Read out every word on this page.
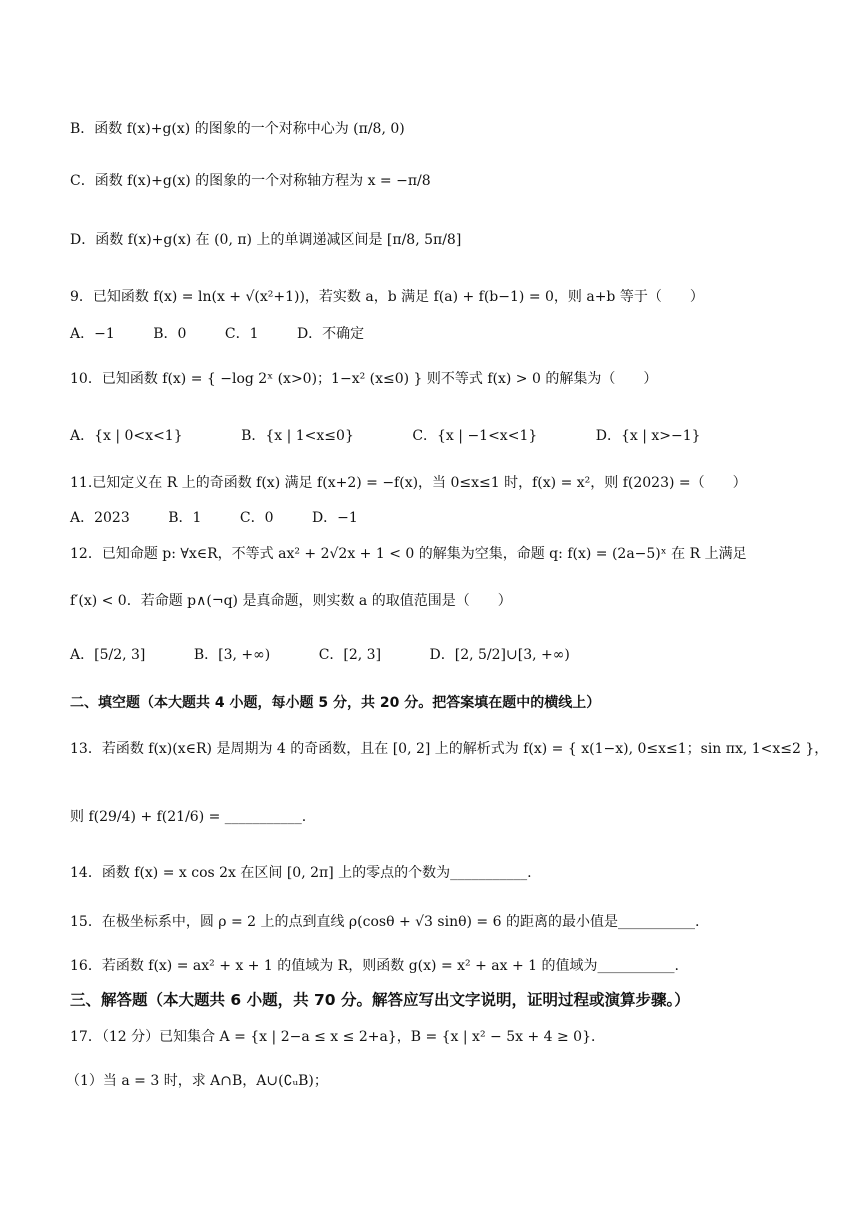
B．函数 f(x)+g(x) 的图象的一个对称中心为 (π/8, 0)
C．函数 f(x)+g(x) 的图象的一个对称轴方程为 x = −π/8
D．函数 f(x)+g(x) 在 (0, π) 上的单调递减区间是 [π/8, 5π/8]
9．已知函数 f(x) = ln(x + √(x²+1))，若实数 a，b 满足 f(a) + f(b−1) = 0，则 a+b 等于（　　）
A．−1	B．0	C．1	D．不确定
10．已知函数 f(x) = { −log 2ˣ (x>0)；1−x² (x≤0) } 则不等式 f(x) > 0 的解集为（　　）
A．{x | 0<x<1}	B．{x | 1<x≤0}	C．{x | −1<x<1}	D．{x | x>−1}
11.已知定义在 R 上的奇函数 f(x) 满足 f(x+2) = −f(x)，当 0≤x≤1 时，f(x) = x²，则 f(2023) =（　　）
A．2023	B．1	C．0	D．−1
12．已知命题 p: ∀x∈R，不等式 ax² + 2√2x + 1 < 0 的解集为空集，命题 q: f(x) = (2a−5)ˣ 在 R 上满足
f′(x) < 0．若命题 p∧(¬q) 是真命题，则实数 a 的取值范围是（　　）
A．[5/2, 3]	B．[3, +∞)	C．[2, 3]	D．[2, 5/2]∪[3, +∞)
二、填空题（本大题共 4 小题，每小题 5 分，共 20 分。把答案填在题中的横线上）
13．若函数 f(x)(x∈R) 是周期为 4 的奇函数，且在 [0, 2] 上的解析式为 f(x) = { x(1−x), 0≤x≤1；sin πx, 1<x≤2 }，
则 f(29/4) + f(21/6) = ___________.
14．函数 f(x) = x cos 2x 在区间 [0, 2π] 上的零点的个数为___________.
15．在极坐标系中，圆 ρ = 2 上的点到直线 ρ(cosθ + √3 sinθ) = 6 的距离的最小值是___________.
16．若函数 f(x) = ax² + x + 1 的值域为 R，则函数 g(x) = x² + ax + 1 的值域为___________.
三、解答题（本大题共 6 小题，共 70 分。解答应写出文字说明，证明过程或演算步骤。）
17．（12 分）已知集合 A = {x | 2−a ≤ x ≤ 2+a}，B = {x | x² − 5x + 4 ≥ 0}．
（1）当 a = 3 时，求 A∩B，A∪(∁ᵤB)；
